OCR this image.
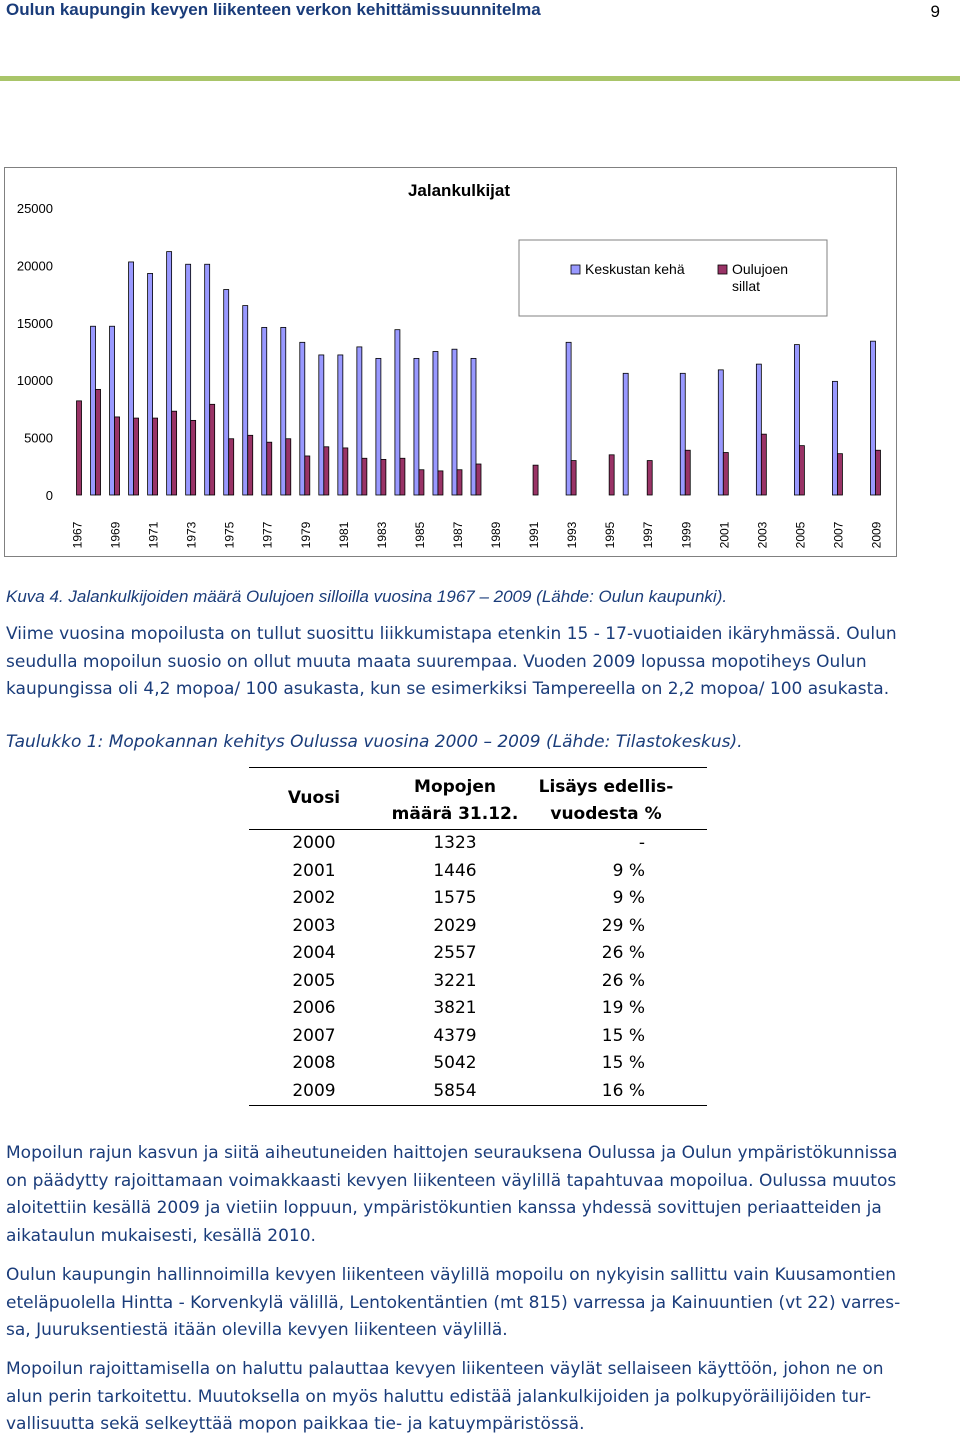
Oulun kaupungin kevyen liikenteen verkon kehittämissuunnitelma	9
Jalankulkijat
25000
20000
15000
10000
5000
0
1967 1969 1971 1973 1975 1977 1979 1981 1983 1985 1987 1989 1991 1993 1995 1997 1999 2001 2003 2005 2007 2009
Keskustan kehä	Oulujoen sillat
Kuva 4. Jalankulkijoiden määrä Oulujoen silloilla vuosina 1967 – 2009 (Lähde: Oulun kaupunki).
Viime vuosina mopoilusta on tullut suosittu liikkumistapa etenkin 15 - 17-vuotiaiden ikäryhmässä. Oulun
seudulla mopoilun suosio on ollut muuta maata suurempaa. Vuoden 2009 lopussa mopotiheys Oulun
kaupungissa oli 4,2 mopoa/ 100 asukasta, kun se esimerkiksi Tampereella on 2,2 mopoa/ 100 asukasta.
Taulukko 1: Mopokannan kehitys Oulussa vuosina 2000 – 2009 (Lähde: Tilastokeskus).
Vuosi
Mopojen
määrä 31.12.
Lisäys edellis-
vuodesta %
2000	1323	-
2001	1446	9 %
2002	1575	9 %
2003	2029	29 %
2004	2557	26 %
2005	3221	26 %
2006	3821	19 %
2007	4379	15 %
2008	5042	15 %
2009	5854	16 %
Mopoilun rajun kasvun ja siitä aiheutuneiden haittojen seurauksena Oulussa ja Oulun ympäristökunnissa
on päädytty rajoittamaan voimakkaasti kevyen liikenteen väylillä tapahtuvaa mopoilua. Oulussa muutos
aloitettiin kesällä 2009 ja vietiin loppuun, ympäristökuntien kanssa yhdessä sovittujen periaatteiden ja
aikataulun mukaisesti, kesällä 2010.
Oulun kaupungin hallinnoimilla kevyen liikenteen väylillä mopoilu on nykyisin sallittu vain Kuusamontien
eteläpuolella Hintta - Korvenkylä välillä, Lentokentäntien (mt 815) varressa ja Kainuuntien (vt 22) varres-
sa, Juuruksentiestä itään olevilla kevyen liikenteen väylillä.
Mopoilun rajoittamisella on haluttu palauttaa kevyen liikenteen väylät sellaiseen käyttöön, johon ne on
alun perin tarkoitettu. Muutoksella on myös haluttu edistää jalankulkijoiden ja polkupyöräilijöiden tur-
vallisuutta sekä selkeyttää mopon paikkaa tie- ja katuympäristössä.
